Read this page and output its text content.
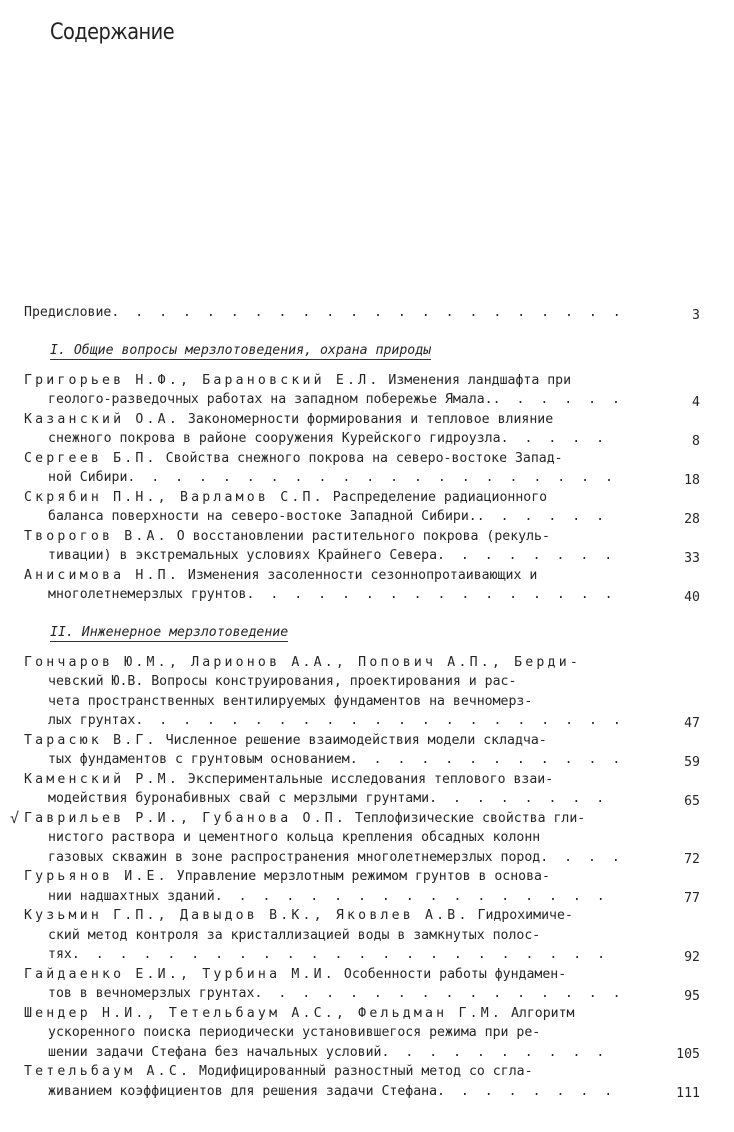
Содержание
Предисловие . . .	3
I. Общие вопросы мерзлотоведения, охрана природы
Григорьев Н.Ф., Барановский Е.Л. Изменения ландшафта при
геолого-разведочных работах на западном побережье Ямала. . . .	4
Казанский О.А. Закономерности формирования и тепловое влияние
снежного покрова в районе сооружения Курейского гидроузла . . .	8
Сергеев Б.П. Свойства снежного покрова на северо-востоке Запад-
ной Сибири . . .	18
Скрябин П.Н., Варламов С.П. Распределение радиационного
баланса поверхности на северо-востоке Западной Сибири. . . .	28
Творогов В.А. О восстановлении растительного покрова (рекуль-
тивации) в экстремальных условиях Крайнего Севера . . .	33
Анисимова Н.П. Изменения засоленности сезоннопротаивающих и
многолетнемерзлых грунтов . . .	40
II. Инженерное мерзлотоведение
Гончаров Ю.М., Ларионов А.А., Попович А.П., Берди-
чевский Ю.В. Вопросы конструирования, проектирования и рас-
чета пространственных вентилируемых фундаментов на вечномерз-
лых грунтах . . .	47
Тарасюк В.Г. Численное решение взаимодействия модели складча-
тых фундаментов с грунтовым основанием . . .	59
Каменский Р.М. Экспериментальные исследования теплового взаи-
модействия буронабивных свай с мерзлыми грунтами . . .	65
√ Гаврильев Р.И., Губанова О.П. Теплофизические свойства гли-
нистого раствора и цементного кольца крепления обсадных колонн
газовых скважин в зоне распространения многолетнемерзлых пород . . .	72
Гурьянов И.Е. Управление мерзлотным режимом грунтов в основа-
нии надшахтных зданий . . .	77
Кузьмин Г.П., Давыдов В.К., Яковлев А.В. Гидрохимиче-
ский метод контроля за кристаллизацией воды в замкнутых полос-
тях . . .	92
Гайдаенко Е.И., Турбина М.И. Особенности работы фундамен-
тов в вечномерзлых грунтах . . .	95
Шендер Н.И., Тетельбаум А.С., Фельдман Г.М. Алгоритм
ускоренного поиска периодически установившегося режима при ре-
шении задачи Стефана без начальных условий . . .	105
Тетельбаум А.С. Модифицированный разностный метод со сгла-
живанием коэффициентов для решения задачи Стефана . . .	111
